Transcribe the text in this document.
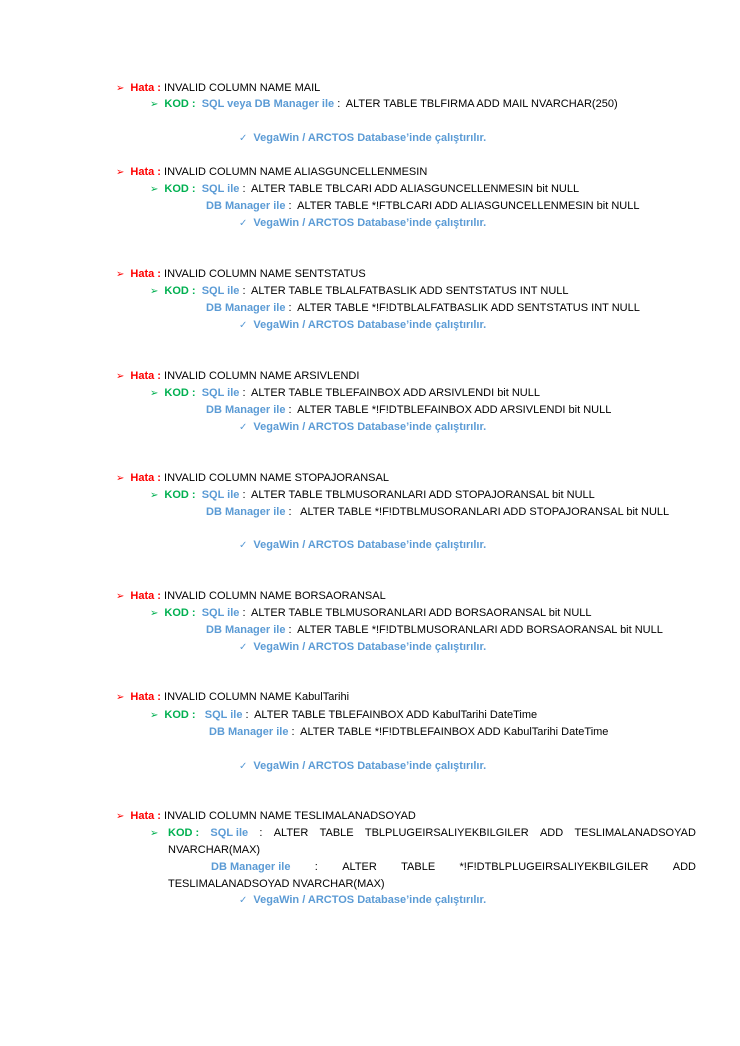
➢ Hata : INVALID COLUMN NAME MAIL
➢ KOD : SQL veya DB Manager ile : ALTER TABLE TBLFIRMA ADD MAIL NVARCHAR(250)
✓ VegaWin / ARCTOS Database’inde çalıştırılır.
➢ Hata : INVALID COLUMN NAME ALIASGUNCELLENMESIN
➢ KOD : SQL ile : ALTER TABLE TBLCARI ADD ALIASGUNCELLENMESIN bit NULL
DB Manager ile : ALTER TABLE *!FTBLCARI ADD ALIASGUNCELLENMESIN bit NULL
✓ VegaWin / ARCTOS Database’inde çalıştırılır.
➢ Hata : INVALID COLUMN NAME SENTSTATUS
➢ KOD : SQL ile : ALTER TABLE TBLALFATBASLIK ADD SENTSTATUS INT NULL
DB Manager ile : ALTER TABLE *!F!DTBLALFATBASLIK ADD SENTSTATUS INT NULL
✓ VegaWin / ARCTOS Database’inde çalıştırılır.
➢ Hata : INVALID COLUMN NAME ARSIVLENDI
➢ KOD : SQL ile : ALTER TABLE TBLEFAINBOX ADD ARSIVLENDI bit NULL
DB Manager ile : ALTER TABLE *!F!DTBLEFAINBOX ADD ARSIVLENDI bit NULL
✓ VegaWin / ARCTOS Database’inde çalıştırılır.
➢ Hata : INVALID COLUMN NAME STOPAJORANSAL
➢ KOD : SQL ile : ALTER TABLE TBLMUSORANLARI ADD STOPAJORANSAL bit NULL
DB Manager ile : ALTER TABLE *!F!DTBLMUSORANLARI ADD STOPAJORANSAL bit NULL
✓ VegaWin / ARCTOS Database’inde çalıştırılır.
➢ Hata : INVALID COLUMN NAME BORSAORANSAL
➢ KOD : SQL ile : ALTER TABLE TBLMUSORANLARI ADD BORSAORANSAL bit NULL
DB Manager ile : ALTER TABLE *!F!DTBLMUSORANLARI ADD BORSAORANSAL bit NULL
✓ VegaWin / ARCTOS Database’inde çalıştırılır.
➢ Hata : INVALID COLUMN NAME KabulTarihi
➢ KOD : SQL ile : ALTER TABLE TBLEFAINBOX ADD KabulTarihi DateTime
DB Manager ile : ALTER TABLE *!F!DTBLEFAINBOX ADD KabulTarihi DateTime
✓ VegaWin / ARCTOS Database’inde çalıştırılır.
➢ Hata : INVALID COLUMN NAME TESLIMALANADSOYAD
➢ KOD : SQL ile : ALTER TABLE TBLPLUGEIRSALIYEKBILGILER ADD TESLIMALANADSOYAD
NVARCHAR(MAX)
DB Manager ile : ALTER TABLE *!F!DTBLPLUGEIRSALIYEKBILGILER ADD
TESLIMALANADSOYAD NVARCHAR(MAX)
✓ VegaWin / ARCTOS Database’inde çalıştırılır.
